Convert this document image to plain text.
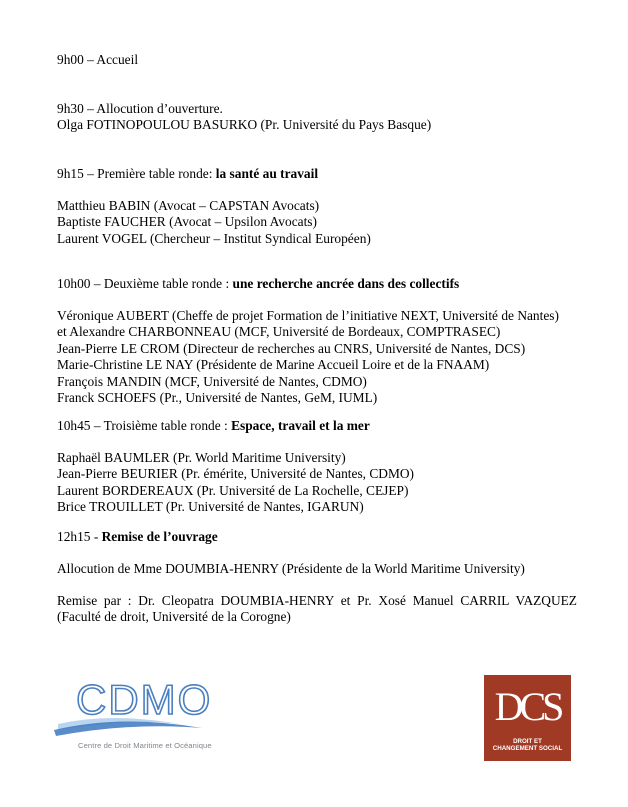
9h00 – Accueil

9h30 – Allocution d’ouverture.

Olga FOTINOPOULOU BASURKO (Pr. Université du Pays Basque)

9h15 – Première table ronde: la santé au travail

Matthieu BABIN (Avocat – CAPSTAN Avocats)

Baptiste FAUCHER (Avocat – Upsilon Avocats)

Laurent VOGEL (Chercheur – Institut Syndical Européen)

10h00 – Deuxième table ronde : une recherche ancrée dans des collectifs

Véronique AUBERT (Cheffe de projet Formation de l’initiative NEXT, Université de Nantes)

et Alexandre CHARBONNEAU (MCF, Université de Bordeaux, COMPTRASEC)

Jean-Pierre LE CROM (Directeur de recherches au CNRS, Université de Nantes, DCS)

Marie-Christine LE NAY (Présidente de Marine Accueil Loire et de la FNAAM)

François MANDIN (MCF, Université de Nantes, CDMO)

Franck SCHOEFS (Pr., Université de Nantes, GeM, IUML)

10h45 – Troisième table ronde : Espace, travail et la mer

Raphaël BAUMLER (Pr. World Maritime University)

Jean-Pierre BEURIER (Pr. émérite, Université de Nantes, CDMO)

Laurent BORDEREAUX (Pr. Université de La Rochelle, CEJEP)

Brice TROUILLET (Pr. Université de Nantes, IGARUN)

12h15 - Remise de l’ouvrage

Allocution de Mme DOUMBIA-HENRY (Présidente de la World Maritime University)

Remise par : Dr. Cleopatra DOUMBIA-HENRY et Pr. Xosé Manuel CARRIL VAZQUEZ

(Faculté de droit, Université de la Corogne)

CDMO
Centre de Droit Maritime et Océanique
DCS
DROIT ET
CHANGEMENT SOCIAL
